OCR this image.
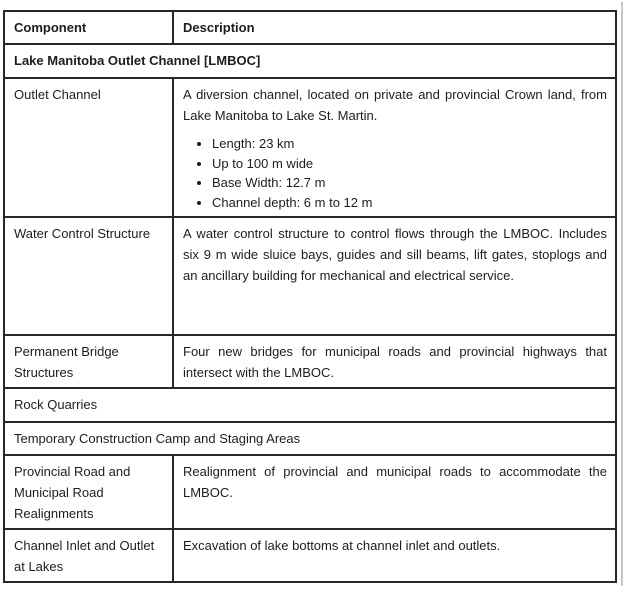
Component	Description
Lake Manitoba Outlet Channel [LMBOC]	
Outlet Channel	A diversion channel, located on private and provincial Crown land, from Lake Manitoba to Lake St. Martin.

• Length: 23 km
• Up to 100 m wide
• Base Width: 12.7 m
• Channel depth: 6 m to 12 m

Water Control Structure	A water control structure to control flows through the LMBOC. Includes six 9 m wide sluice bays, guides and sill beams, lift gates, stoplogs and an ancillary building for mechanical and electrical service.

Permanent Bridge Structures	Four new bridges for municipal roads and provincial highways that intersect with the LMBOC.

Rock Quarries	
Temporary Construction Camp and Staging Areas	
Provincial Road and Municipal Road Realignments	Realignment of provincial and municipal roads to accommodate the LMBOC.

Channel Inlet and Outlet at Lakes	Excavation of lake bottoms at channel inlet and outlets.
